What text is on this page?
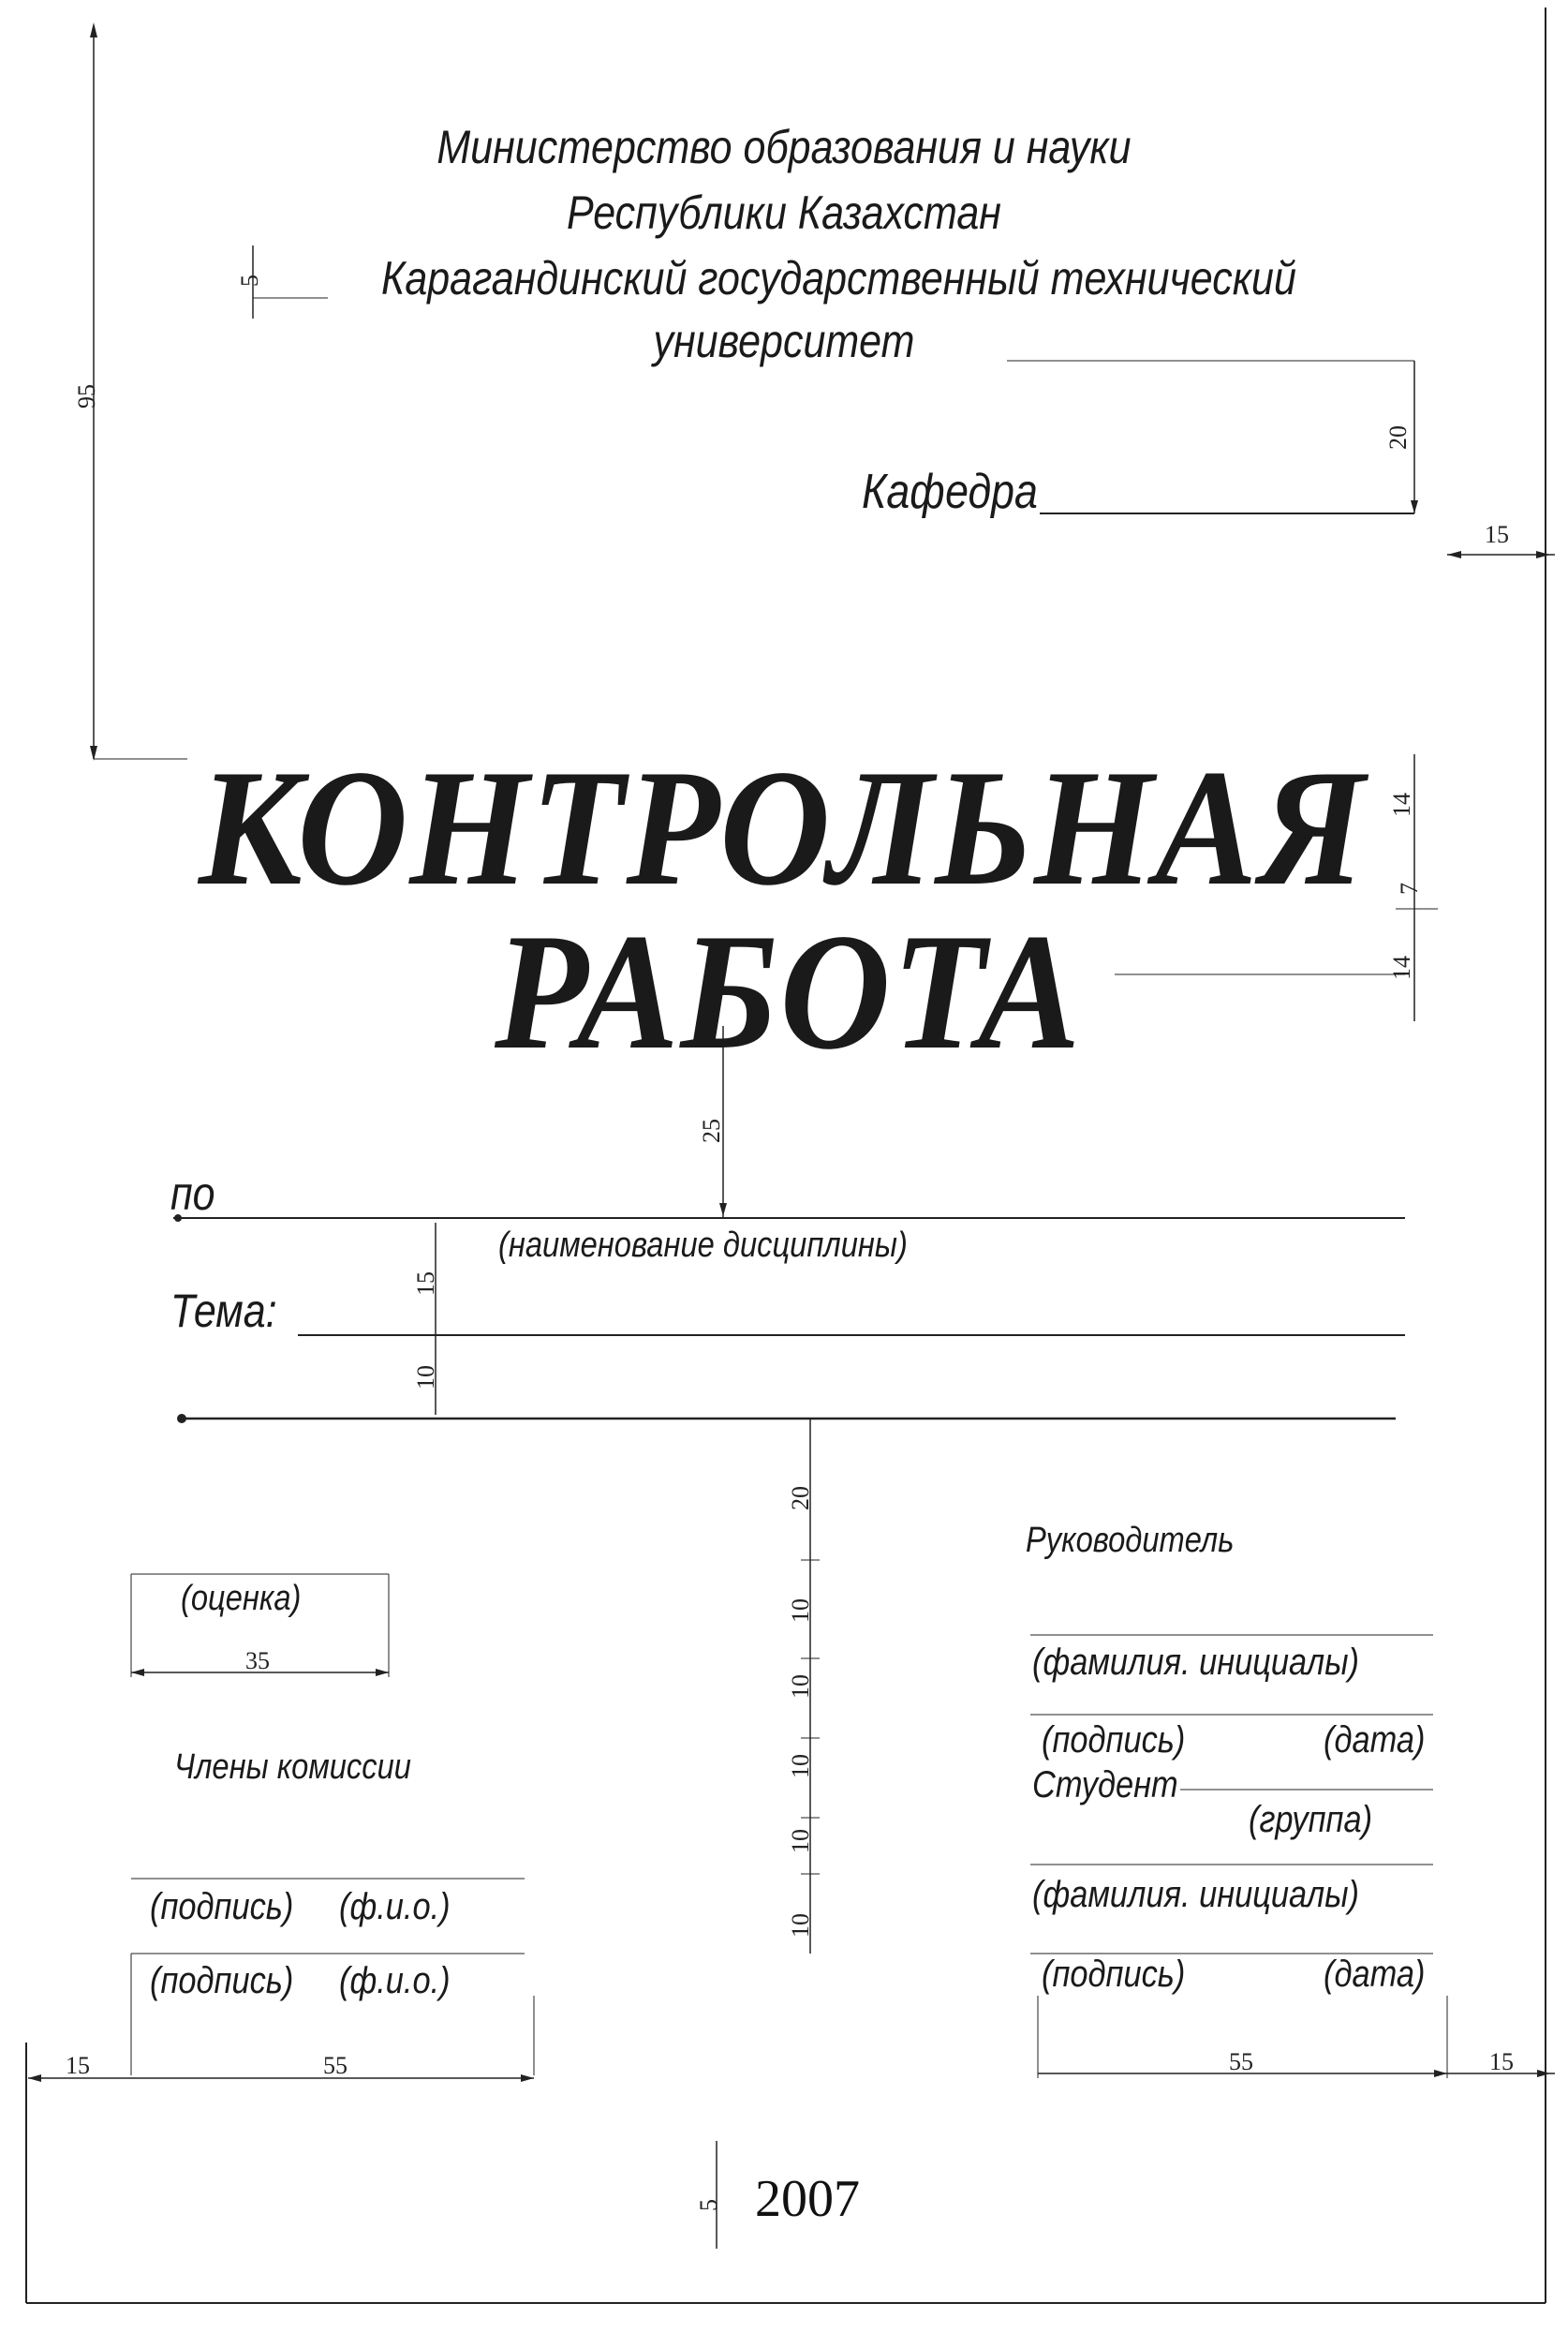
Министерство образования и науки
Республики Казахстан
Карагандинский государственный технический
университет
Кафедра
КОНТРОЛЬНАЯ
РАБОТА
по
(наименование дисциплины)
Тема:
(оценка)
Члены комиссии
(подпись) (ф.и.о.)
(подпись) (ф.и.о.)
Руководитель
(фамилия. инициалы)
(подпись)	(дата)
Студент
(группа)
(фамилия. инициалы)
(подпись)	(дата)
2007
95
5
20
15
14
7
14
25
15
10
20
10
10
10
10
10
35
15	55	55	15
5
